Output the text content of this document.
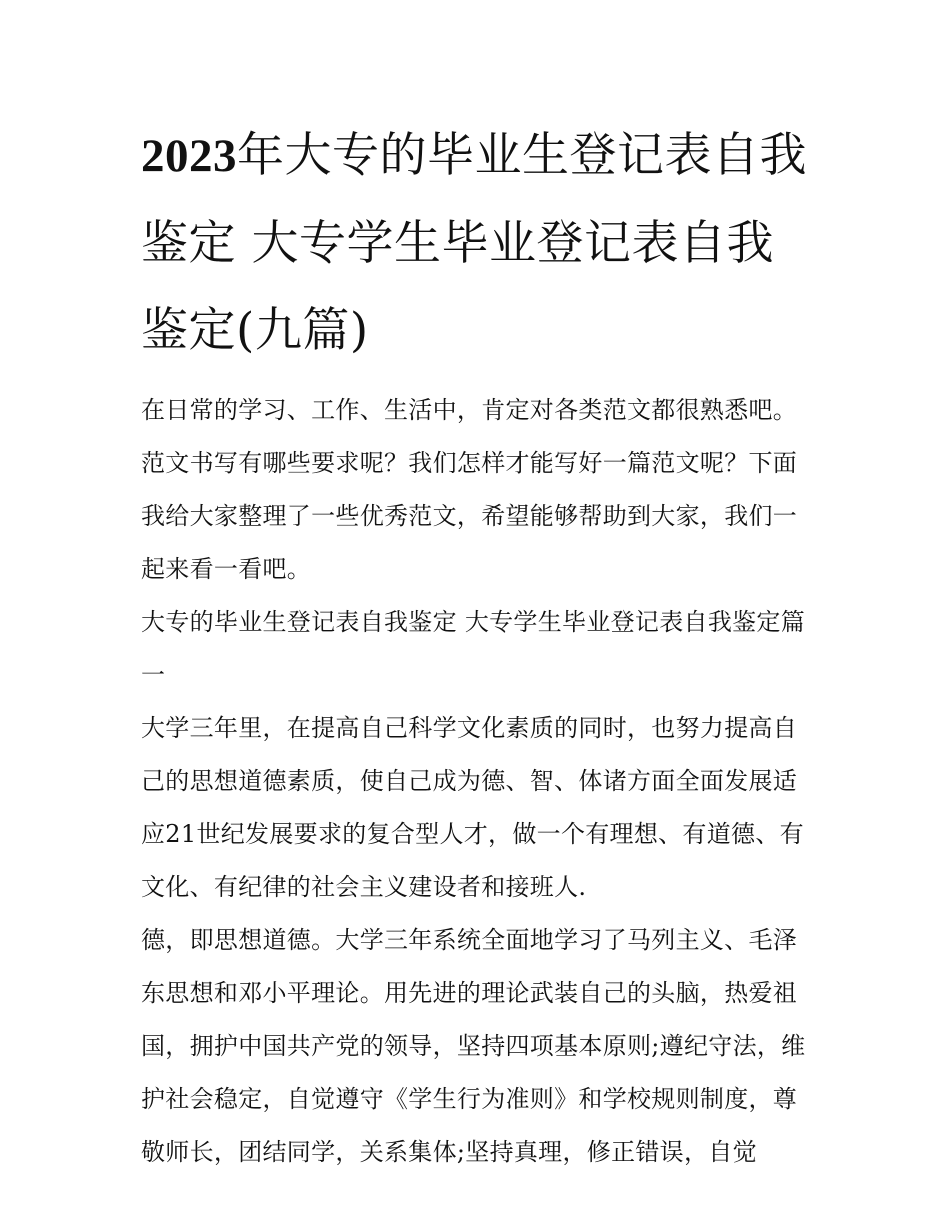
2023年大专的毕业生登记表自我鉴定 大专学生毕业登记表自我鉴定(九篇)

在日常的学习、工作、生活中，肯定对各类范文都很熟悉吧。范文书写有哪些要求呢？我们怎样才能写好一篇范文呢？下面我给大家整理了一些优秀范文，希望能够帮助到大家，我们一起来看一看吧。

大专的毕业生登记表自我鉴定 大专学生毕业登记表自我鉴定篇一

大学三年里，在提高自己科学文化素质的同时，也努力提高自己的思想道德素质，使自己成为德、智、体诸方面全面发展适应21世纪发展要求的复合型人才，做一个有理想、有道德、有文化、有纪律的社会主义建设者和接班人.

德，即思想道德。大学三年系统全面地学习了马列主义、毛泽东思想和邓小平理论。用先进的理论武装自己的头脑，热爱祖国，拥护中国共产党的领导，坚持四项基本原则;遵纪守法，维护社会稳定，自觉遵守《学生行为准则》和学校规则制度，尊敬师长，团结同学，关系集体;坚持真理，修正错误，自觉
